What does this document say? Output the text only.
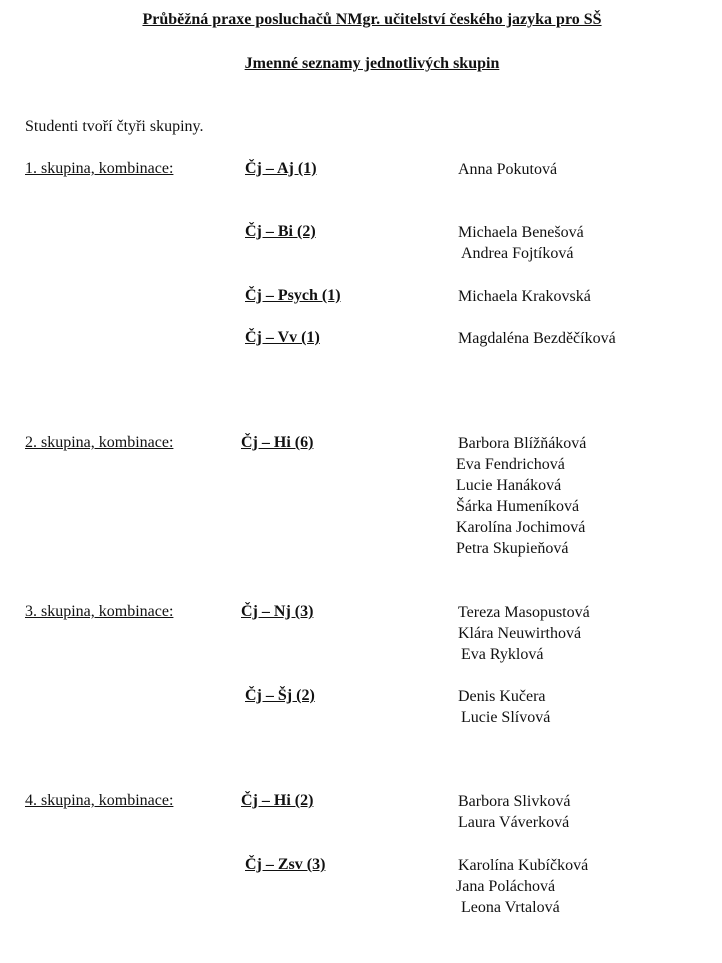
Průběžná praxe posluchačů NMgr. učitelství českého jazyka pro SŠ
Jmenné seznamy jednotlivých skupin
Studenti tvoří čtyři skupiny.
1. skupina, kombinace:	Čj – Aj (1)	Anna Pokutová
Čj – Bi (2)	Michaela Benešová
Andrea Fojtíková
Čj – Psych (1)	Michaela Krakovská
Čj – Vv (1)	Magdaléna Bezděčíková
2. skupina, kombinace:	Čj – Hi (6)	Barbora Blížňáková
Eva Fendrichová
Lucie Hanáková
Šárka Humeníková
Karolína Jochimová
Petra Skupieňová
3. skupina, kombinace:	Čj – Nj (3)	Tereza Masopustová
Klára Neuwirthová
Eva Ryklová
Čj – Šj (2)	Denis Kučera
Lucie Slívová
4. skupina, kombinace:	Čj – Hi (2)	Barbora Slivková
Laura Váverková
Čj – Zsv (3)	Karolína Kubíčková
Jana Poláchová
Leona Vrtalová
